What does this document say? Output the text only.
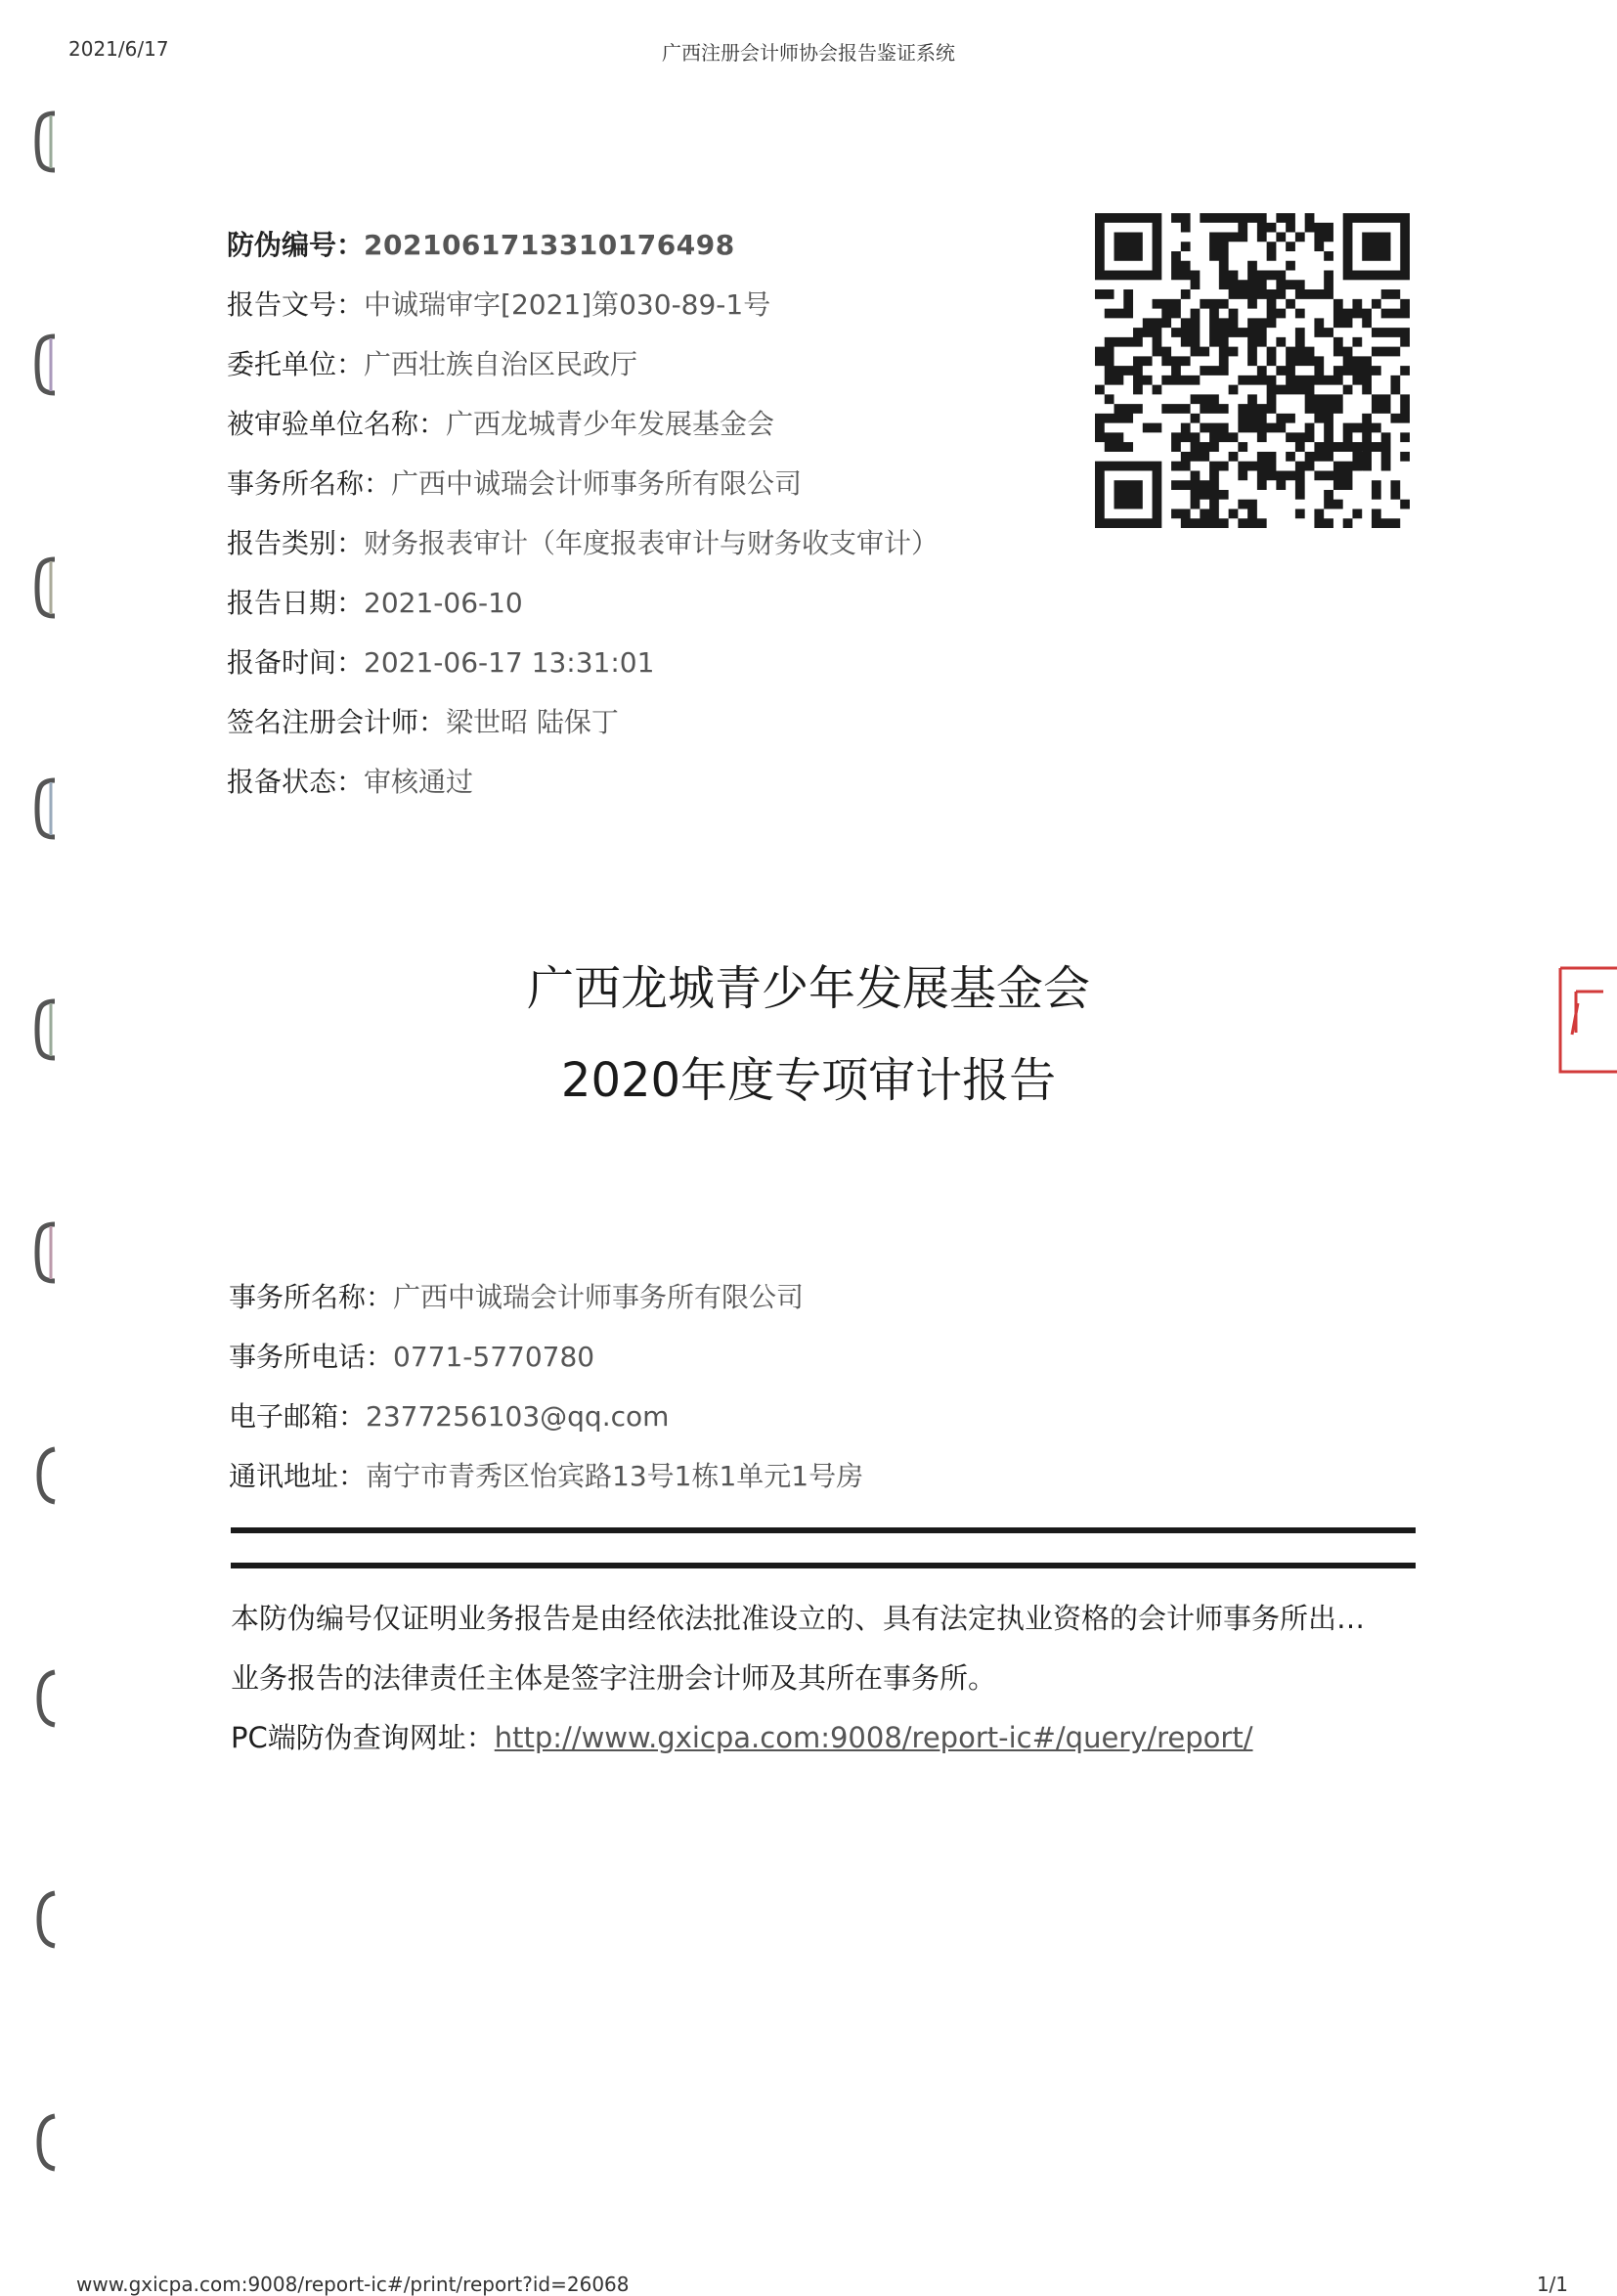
2021/6/17	广西注册会计师协会报告鉴证系统
防伪编号：2021061713310176498
报告文号：中诚瑞审字[2021]第030-89-1号
委托单位：广西壮族自治区民政厅
被审验单位名称：广西龙城青少年发展基金会
事务所名称：广西中诚瑞会计师事务所有限公司
报告类别：财务报表审计（年度报表审计与财务收支审计）
报告日期：2021-06-10
报备时间：2021-06-17 13:31:01
签名注册会计师：梁世昭 陆保丁
报备状态：审核通过
广西龙城青少年发展基金会
2020年度专项审计报告
事务所名称：广西中诚瑞会计师事务所有限公司
事务所电话：0771-5770780
电子邮箱：2377256103@qq.com
通讯地址：南宁市青秀区怡宾路13号1栋1单元1号房
本防伪编号仅证明业务报告是由经依法批准设立的、具有法定执业资格的会计师事务所出…
业务报告的法律责任主体是签字注册会计师及其所在事务所。
PC端防伪查询网址：http://www.gxicpa.com:9008/report-ic#/query/report/
www.gxicpa.com:9008/report-ic#/print/report?id=26068	1/1
